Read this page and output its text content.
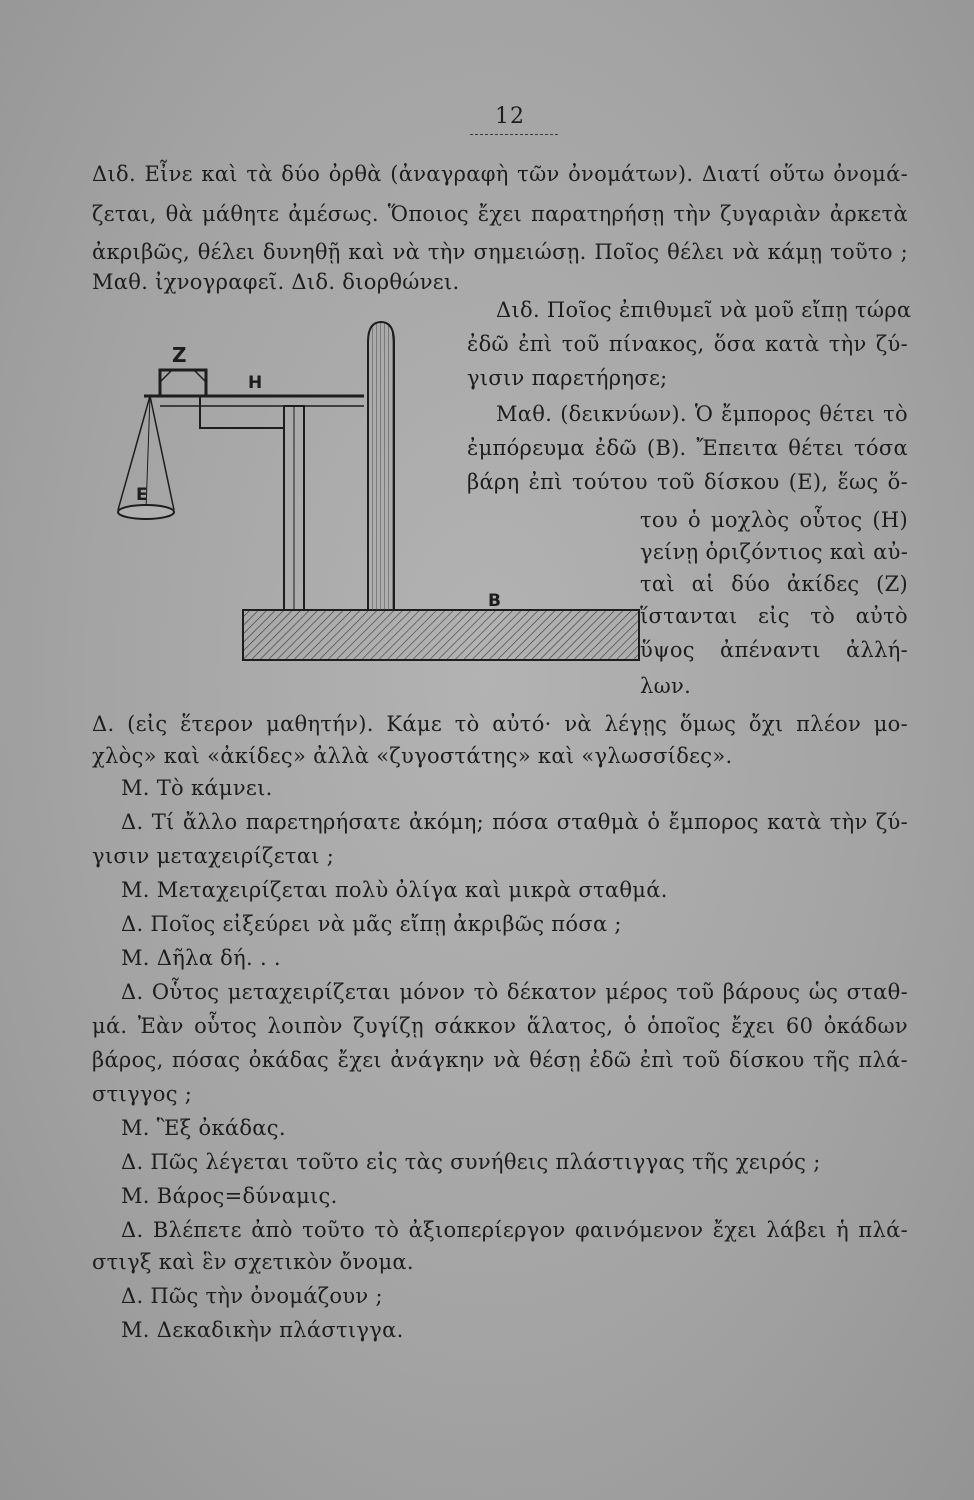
12
Διδ. Εἶνε καὶ τὰ δύο ὀρθὰ (ἀναγραφὴ τῶν ὀνομάτων). Διατί οὕτω ὀνομά-
ζεται, θὰ μάθητε ἀμέσως. Ὅποιος ἔχει παρατηρήσῃ τὴν ζυγαριὰν ἀρκετὰ
ἀκριβῶς, θέλει δυνηθῇ καὶ νὰ τὴν σημειώσῃ. Ποῖος θέλει νὰ κάμῃ τοῦτο ;
Μαθ. ἰχνογραφεῖ. Διδ. διορθώνει.
Διδ. Ποῖος ἐπιθυμεῖ νὰ μοῦ εἴπῃ τώρα
ἐδῶ ἐπὶ τοῦ πίνακος, ὅσα κατὰ τὴν ζύ-
γισιν παρετήρησε;
Μαθ. (δεικνύων). Ὁ ἔμπορος θέτει τὸ
ἐμπόρευμα ἐδῶ (Β). Ἔπειτα θέτει τόσα
βάρη ἐπὶ τούτου τοῦ δίσκου (Ε), ἕως ὅ-
του ὁ μοχλὸς οὗτος (Η)
γείνῃ ὁριζόντιος καὶ αὐ-
ταὶ αἱ δύο ἀκίδες (Ζ)
ἵστανται εἰς τὸ αὐτὸ
ὕψος ἀπέναντι ἀλλή-
λων.
Δ. (εἰς ἕτερον μαθητήν). Κάμε τὸ αὐτό· νὰ λέγῃς ὅμως ὄχι πλέον μο-
χλὸς» καὶ «ἀκίδες» ἀλλὰ «ζυγοστάτης» καὶ «γλωσσίδες».
Μ. Τὸ κάμνει.
Δ. Τί ἄλλο παρετηρήσατε ἀκόμη; πόσα σταθμὰ ὁ ἔμπορος κατὰ τὴν ζύ-
γισιν μεταχειρίζεται ;
Μ. Μεταχειρίζεται πολὺ ὀλίγα καὶ μικρὰ σταθμά.
Δ. Ποῖος εἰξεύρει νὰ μᾶς εἴπῃ ἀκριβῶς πόσα ;
Μ. Δῆλα δή. . .
Δ. Οὗτος μεταχειρίζεται μόνον τὸ δέκατον μέρος τοῦ βάρους ὡς σταθ-
μά. Ἐὰν οὗτος λοιπὸν ζυγίζῃ σάκκον ἅλατος, ὁ ὁποῖος ἔχει 60 ὀκάδων
βάρος, πόσας ὀκάδας ἔχει ἀνάγκην νὰ θέσῃ ἐδῶ ἐπὶ τοῦ δίσκου τῆς πλά-
στιγγος ;
Μ. Ἓξ ὀκάδας.
Δ. Πῶς λέγεται τοῦτο εἰς τὰς συνήθεις πλάστιγγας τῆς χειρός ;
Μ. Βάρος=δύναμις.
Δ. Βλέπετε ἀπὸ τοῦτο τὸ ἀξιοπερίεργον φαινόμενον ἔχει λάβει ἡ πλά-
στιγξ καὶ ἓν σχετικὸν ὄνομα.
Δ. Πῶς τὴν ὀνομάζουν ;
Μ. Δεκαδικὴν πλάστιγγα.
Z
H
E
B
